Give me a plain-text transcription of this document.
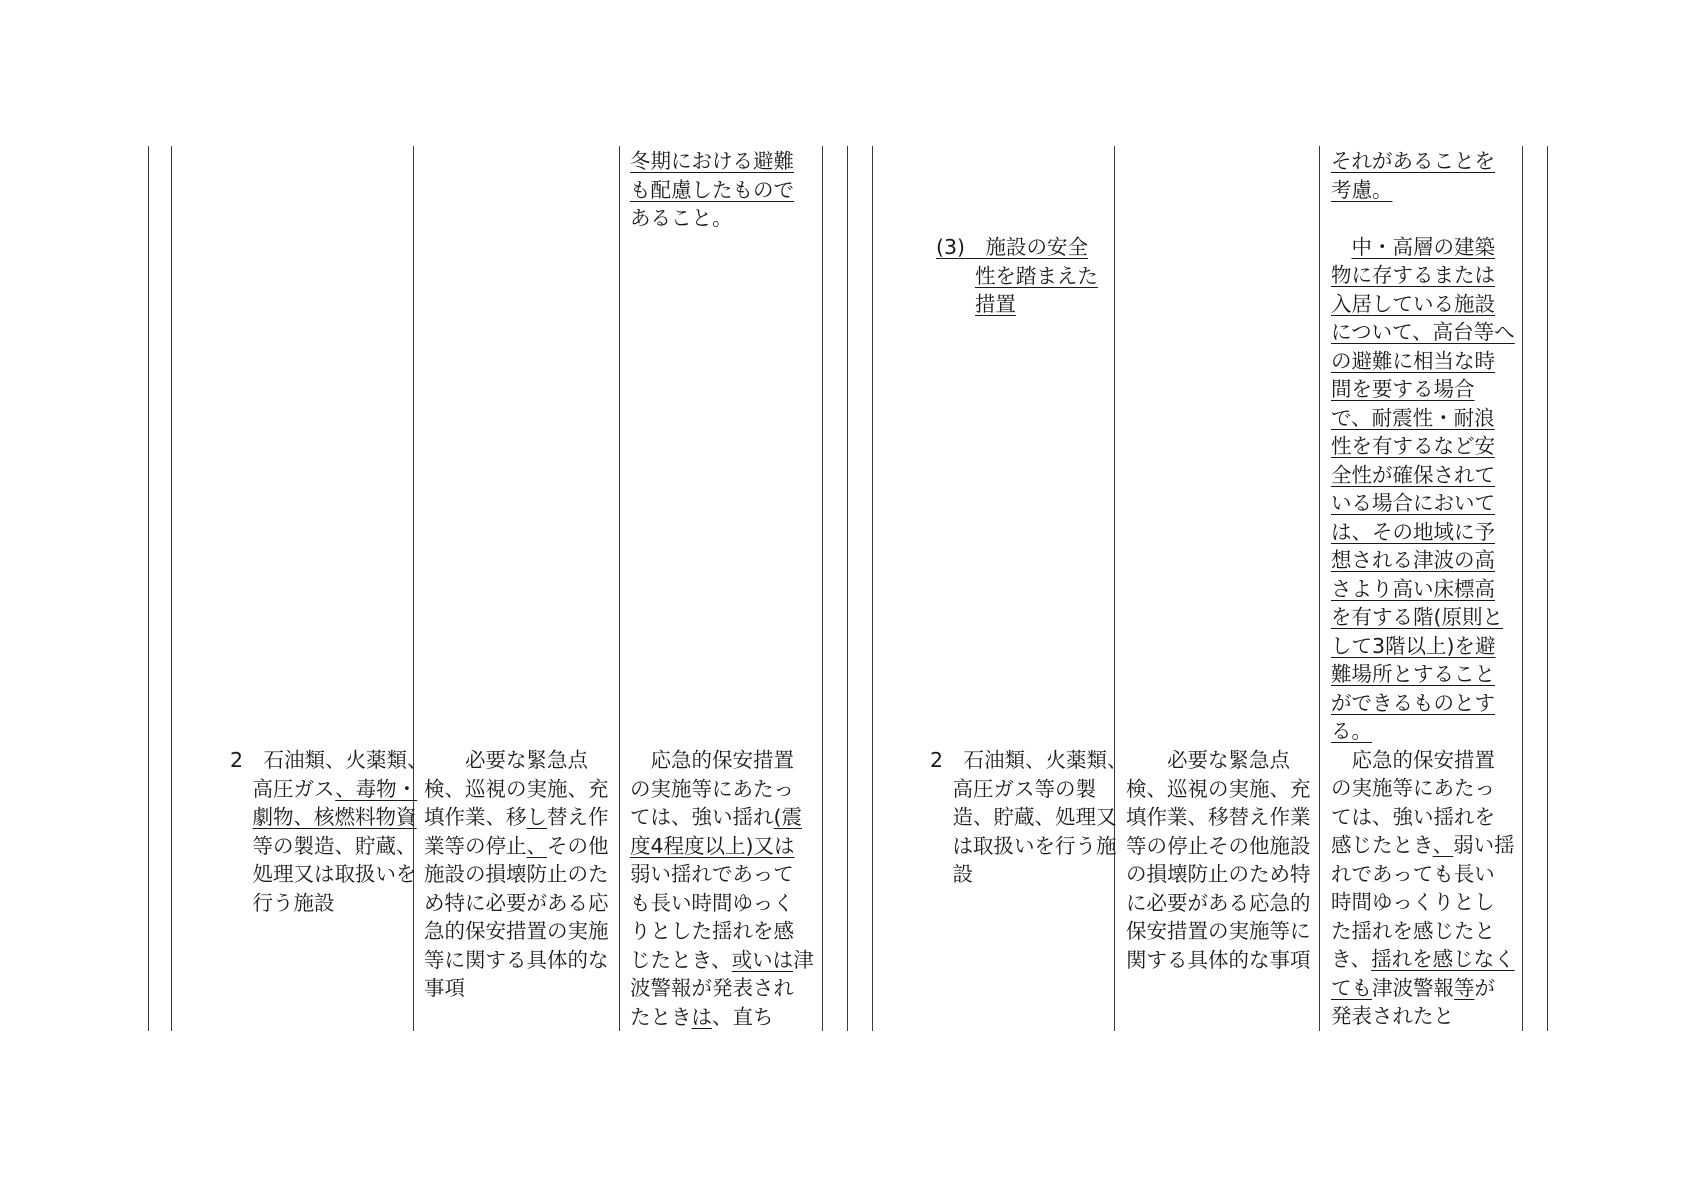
冬期における避難

も配慮したもので

あること。

2　石油類、火薬類、高圧ガス、毒物・劇物、核燃料物資等の製造、貯蔵、処理又は取扱いを行う施設
必要な緊急点検、巡視の実施、充填作業、移し替え作業等の停止、その他施設の損壊防止のため特に必要がある応急的保安措置の実施等に関する具体的な事項
応急的保安措置の実施等にあたっては、強い揺れ(震度4程度以上)又は弱い揺れであっても長い時間ゆっくりとした揺れを感じたとき、或いは津波警報が発表されたときは、直ち

(3)　 施設の安全性を踏まえた措置

2　石油類、火薬類、高圧ガス等の製造、貯蔵、処理又は取扱いを行う施設
必要な緊急点検、巡視の実施、充填作業、移替え作業等の停止その他施設の損壊防止のため特に必要がある応急的保安措置の実施等に関する具体的な事項

それがあることを

考慮。

中・高層の建築物に存するまたは入居している施設について、高台等への避難に相当な時間を要する場合で、耐震性・耐浪性を有するなど安全性が確保されている場合においては、その地域に予想される津波の高さより高い床標高を有する階(原則として3階以上)を避難場所とすることができるものとする。

応急的保安措置の実施等にあたっては、強い揺れを感じたとき、弱い揺れであっても長い時間ゆっくりとした揺れを感じたとき、揺れを感じなくても津波警報等が発表されたと
